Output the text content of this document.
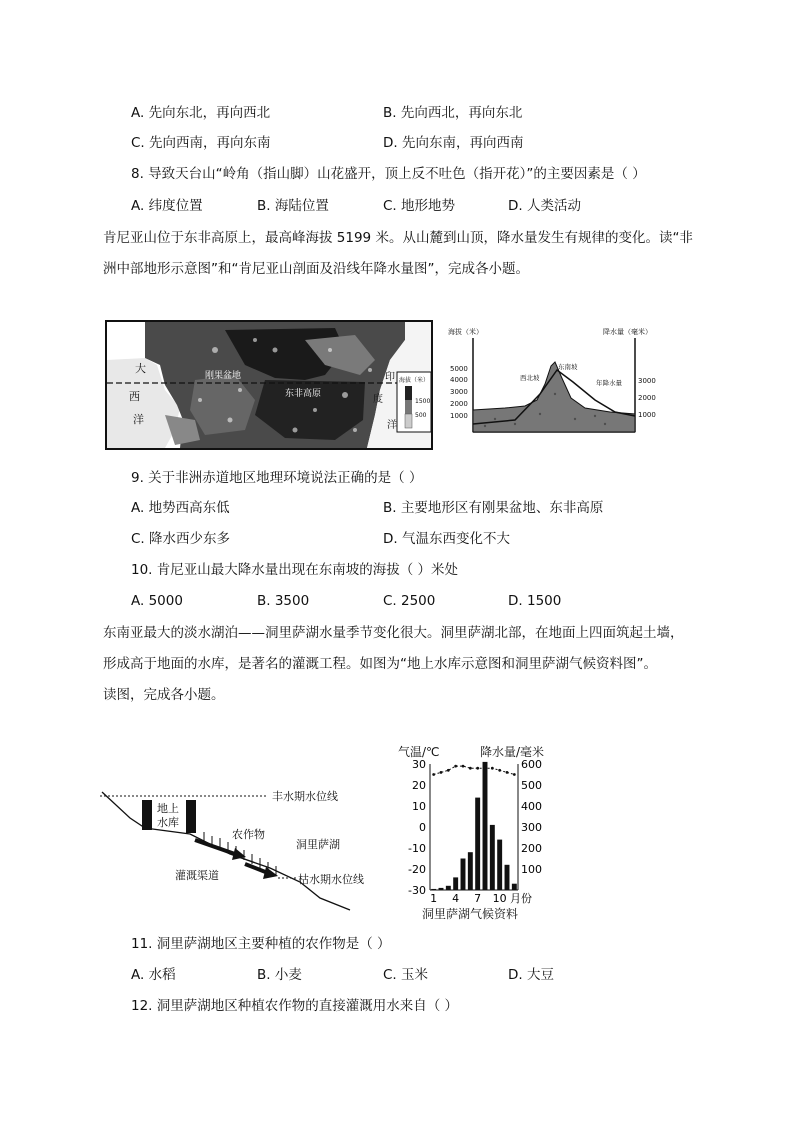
A. 先向东北，再向西北	B. 先向西北，再向东北
C. 先向西南，再向东南	D. 先向东南，再向西南
8. 导致天台山“岭角（指山脚）山花盛开，顶上反不吐色（指开花）”的主要因素是（ ）
A. 纬度位置	B. 海陆位置	C. 地形地势	D. 人类活动
肯尼亚山位于东非高原上，最高峰海拔 5199 米。从山麓到山顶，降水量发生有规律的变化。读“非
洲中部地形示意图”和“肯尼亚山剖面及沿线年降水量图”，完成各小题。
大
西
洋
刚果盆地
东非高原
印
度
洋
海拔（米）
1500
500
海拔（米）	降水量（毫米）
5000
4000
3000
2000
1000
3000
2000
1000
西北坡
东南坡
年降水量
9. 关于非洲赤道地区地理环境说法正确的是（ ）
A. 地势西高东低	B. 主要地形区有刚果盆地、东非高原
C. 降水西少东多	D. 气温东西变化不大
10. 肯尼亚山最大降水量出现在东南坡的海拔（ ）米处
A. 5000	B. 3500	C. 2500	D. 1500
东南亚最大的淡水湖泊——洞里萨湖水量季节变化很大。洞里萨湖北部，在地面上四面筑起土墙，
形成高于地面的水库，是著名的灌溉工程。如图为“地上水库示意图和洞里萨湖气候资料图”。
读图，完成各小题。
丰水期水位线
地上
水库
农作物
洞里萨湖
灌溉渠道	枯水期水位线
气温/℃	降水量/毫米
30
20
10
0
-10
-20
-30
600
500
400
300
200
100
1 4 7 10 月份
洞里萨湖气候资料
11. 洞里萨湖地区主要种植的农作物是（ ）
A. 水稻	B. 小麦	C. 玉米	D. 大豆
12. 洞里萨湖地区种植农作物的直接灌溉用水来自（ ）
